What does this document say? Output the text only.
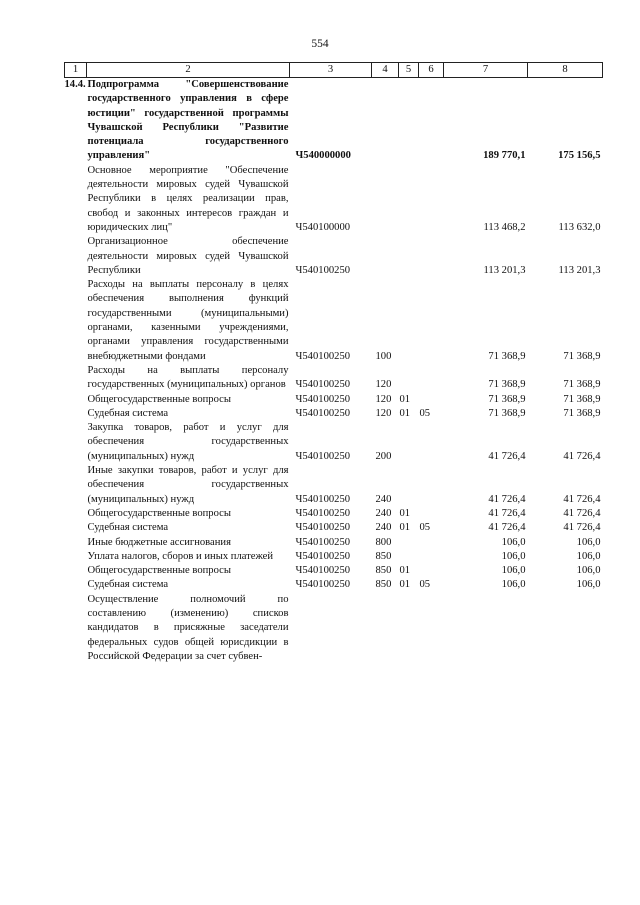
554
1	2	3	4	5	6	7	8
14.4.	Подпрограмма "Совершенствование государственного управления в сфере юстиции" государственной программы Чувашской Республики "Развитие потенциала государственного управления"	Ч540000000				189 770,1	175 156,5
	Основное мероприятие "Обеспечение деятельности мировых судей Чувашской Республики в целях реализации прав, свобод и законных интересов граждан и юридических лиц"	Ч540100000				113 468,2	113 632,0
	Организационное обеспечение деятельности мировых судей Чувашской Республики	Ч540100250				113 201,3	113 201,3
	Расходы на выплаты персоналу в целях обеспечения выполнения функций государственными (муниципальными) органами, казенными учреждениями, органами управления государственными внебюджетными фондами	Ч540100250	100			71 368,9	71 368,9
	Расходы на выплаты персоналу государственных (муниципальных) органов	Ч540100250	120			71 368,9	71 368,9
	Общегосударственные вопросы	Ч540100250	120	01		71 368,9	71 368,9
	Судебная система	Ч540100250	120	01	05	71 368,9	71 368,9
	Закупка товаров, работ и услуг для обеспечения государственных (муниципальных) нужд	Ч540100250	200			41 726,4	41 726,4
	Иные закупки товаров, работ и услуг для обеспечения государственных (муниципальных) нужд	Ч540100250	240			41 726,4	41 726,4
	Общегосударственные вопросы	Ч540100250	240	01		41 726,4	41 726,4
	Судебная система	Ч540100250	240	01	05	41 726,4	41 726,4
	Иные бюджетные ассигнования	Ч540100250	800			106,0	106,0
	Уплата налогов, сборов и иных платежей	Ч540100250	850			106,0	106,0
	Общегосударственные вопросы	Ч540100250	850	01		106,0	106,0
	Судебная система	Ч540100250	850	01	05	106,0	106,0
	Осуществление полномочий по составлению (изменению) списков кандидатов в присяжные заседатели федеральных судов общей юрисдикции в Российской Федерации за счет субвен-						
